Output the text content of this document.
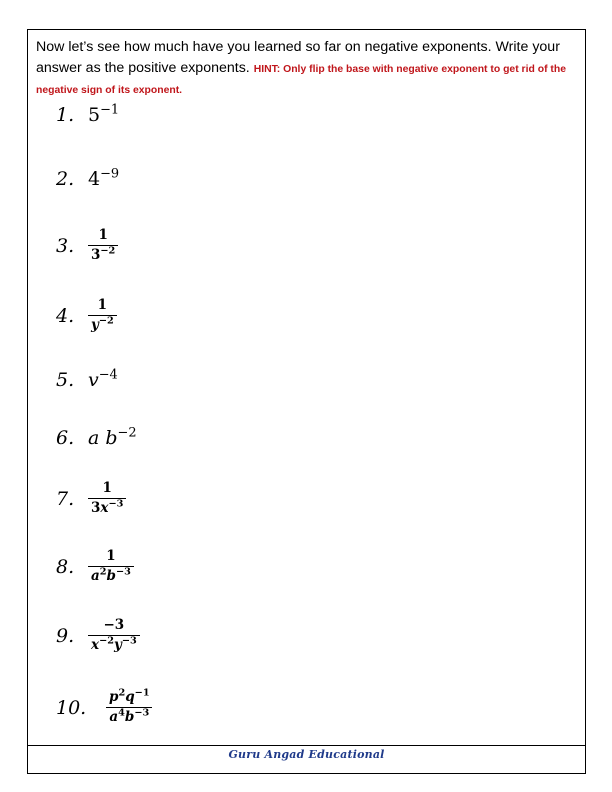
Now let’s see how much have you learned so far on negative exponents. Write your answer as the positive exponents. HINT: Only flip the base with negative exponent to get rid of the negative sign of its exponent.
1. $5^{-1}$
2. $4^{-9}$
3.	$\frac{1}{3^{-2}}$
4.	$\frac{1}{y^{-2}}$
5. $v^{-4}$
6. a $b^{-2}$
7.	$\frac{1}{3x^{-3}}$
8.	$\frac{1}{a^2b^{-3}}$
9.	$\frac{-3}{x^{-2}y^{-3}}$
10.	$\frac{p^2q^{-1}}{a^4b^{-3}}$
Guru Angad Educational
